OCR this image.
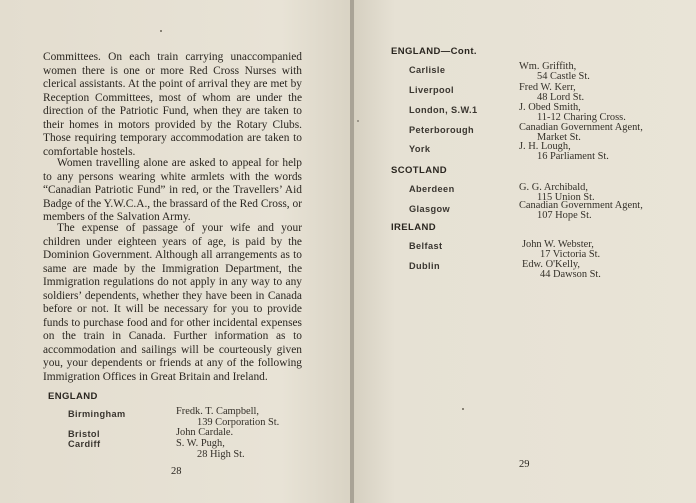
Committees. On each train carrying unaccompanied women there is one or more Red Cross Nurses with clerical assistants. At the point of arrival they are met by Reception Committees, most of whom are under the direction of the Patriotic Fund, when they are taken to their homes in motors provided by the Rotary Clubs. Those requiring temporary accommodation are taken to comfortable hostels.

Women travelling alone are asked to appeal for help to any persons wearing white armlets with the words “Canadian Patriotic Fund” in red, or the Travellers’ Aid Badge of the Y.W.C.A., the brassard of the Red Cross, or members of the Salvation Army.

The expense of passage of your wife and your children under eighteen years of age, is paid by the Dominion Government. Although all arrangements as to same are made by the Immigration Department, the Immigration regulations do not apply in any way to any soldiers’ dependents, whether they have been in Canada before or not. It will be necessary for you to provide funds to purchase food and for other incidental expenses on the train in Canada. Further information as to accommodation and sailings will be courteously given you, your dependents or friends at any of the following Immigration Offices in Great Britain and Ireland.

ENGLAND
Birmingham	Fredk. T. Campbell,
139 Corporation St.
Bristol	John Cardale.
Cardiff	S. W. Pugh,
28 High St.
28
ENGLAND—Cont.
Carlisle	Wm. Griffith,
54 Castle St.
Liverpool	Fred W. Kerr,
48 Lord St.
London, S.W.1	J. Obed Smith,
11-12 Charing Cross.
Peterborough	Canadian Government Agent,
Market St.
York	J. H. Lough,
16 Parliament St.
SCOTLAND
Aberdeen	G. G. Archibald,
115 Union St.
Glasgow	Canadian Government Agent,
107 Hope St.
IRELAND
Belfast	John W. Webster,
17 Victoria St.
Dublin	Edw. O'Kelly,
44 Dawson St.
29
